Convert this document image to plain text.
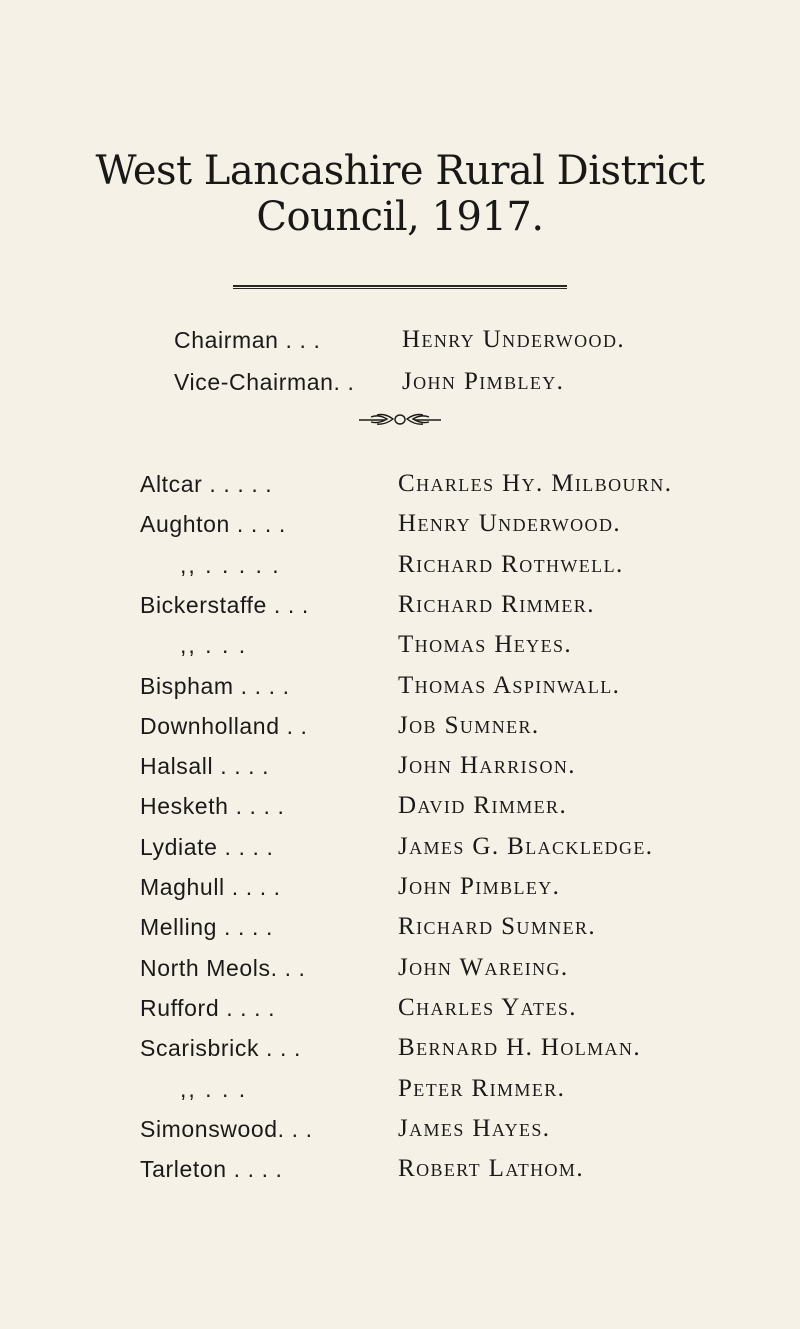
West Lancashire Rural District
Council, 1917.
Chairman . . .	Henry Underwood.
Vice-Chairman. . John Pimbley.
Altcar . . . . .	Charles Hy. Milbourn.
Aughton . . . .	Henry Underwood.
,, . . . . .	Richard Rothwell.
Bickerstaffe . . .	Richard Rimmer.
,, . . .	Thomas Heyes.
Bispham . . . .	Thomas Aspinwall.
Downholland . .	Job Sumner.
Halsall . . . .	John Harrison.
Hesketh . . . .	David Rimmer.
Lydiate . . . .	James G. Blackledge.
Maghull . . . .	John Pimbley.
Melling . . . .	Richard Sumner.
North Meols. . .	John Wareing.
Rufford . . . .	Charles Yates.
Scarisbrick . . .	Bernard H. Holman.
,, . . .	Peter Rimmer.
Simonswood. . .	James Hayes.
Tarleton . . . .	Robert Lathom.
